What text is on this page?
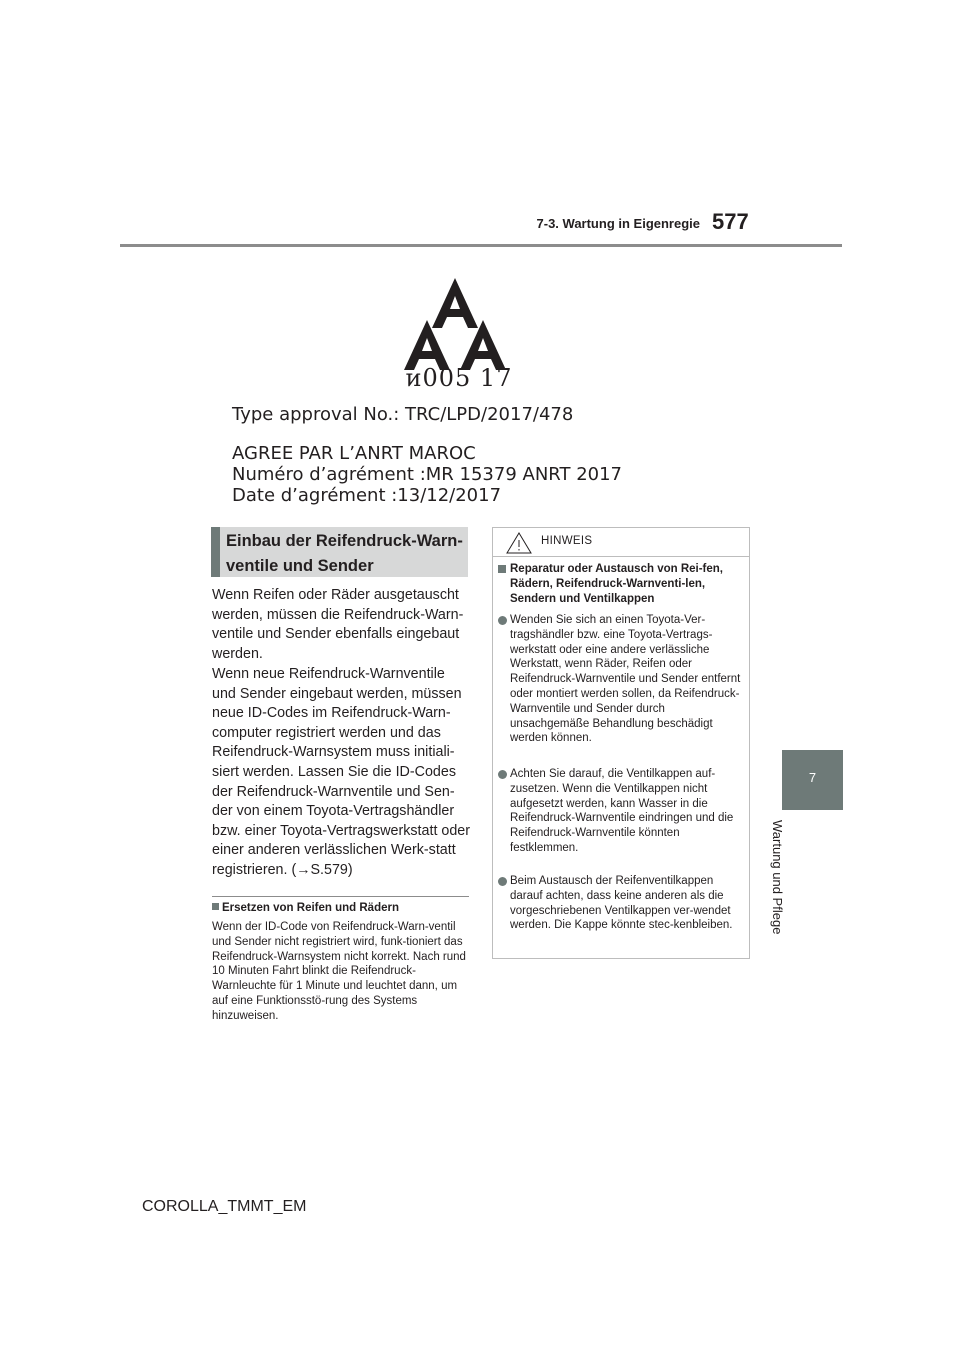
7-3. Wartung in Eigenregie 577
7
Wartung und Pflege
ᴎ005 17
Type approval No.: TRC/LPD/2017/478
AGREE PAR L’ANRT MAROC
Numéro d’agrément :MR 15379 ANRT 2017
Date d’agrément :13/12/2017
Einbau der Reifendruck-Warn-ventile und Sender
Wenn Reifen oder Räder ausgetauscht werden, müssen die Reifendruck-Warn-ventile und Sender ebenfalls eingebaut werden.
Wenn neue Reifendruck-Warnventile und Sender eingebaut werden, müssen neue ID-Codes im Reifendruck-Warn-computer registriert werden und das Reifendruck-Warnsystem muss initiali-siert werden. Lassen Sie die ID-Codes der Reifendruck-Warnventile und Sen-der von einem Toyota-Vertragshändler bzw. einer Toyota-Vertragswerkstatt oder einer anderen verlässlichen Werk-statt registrieren. (→S.579)
Ersetzen von Reifen und Rädern
Wenn der ID-Code von Reifendruck-Warn-ventil und Sender nicht registriert wird, funk-tioniert das Reifendruck-Warnsystem nicht korrekt. Nach rund 10 Minuten Fahrt blinkt die Reifendruck-Warnleuchte für 1 Minute und leuchtet dann, um auf eine Funktionsstö-rung des Systems hinzuweisen.
HINWEIS
Reparatur oder Austausch von Rei-fen, Rädern, Reifendruck-Warnventi-len, Sendern und Ventilkappen
Wenden Sie sich an einen Toyota-Ver-tragshändler bzw. eine Toyota-Vertrags-werkstatt oder eine andere verlässliche Werkstatt, wenn Räder, Reifen oder Reifendruck-Warnventile und Sender entfernt oder montiert werden sollen, da Reifendruck-Warnventile und Sender durch unsachgemäße Behandlung beschädigt werden können.
Achten Sie darauf, die Ventilkappen auf-zusetzen. Wenn die Ventilkappen nicht aufgesetzt werden, kann Wasser in die Reifendruck-Warnventile eindringen und die Reifendruck-Warnventile könnten festklemmen.
Beim Austausch der Reifenventilkappen darauf achten, dass keine anderen als die vorgeschriebenen Ventilkappen ver-wendet werden. Die Kappe könnte stec-kenbleiben.
COROLLA_TMMT_EM
